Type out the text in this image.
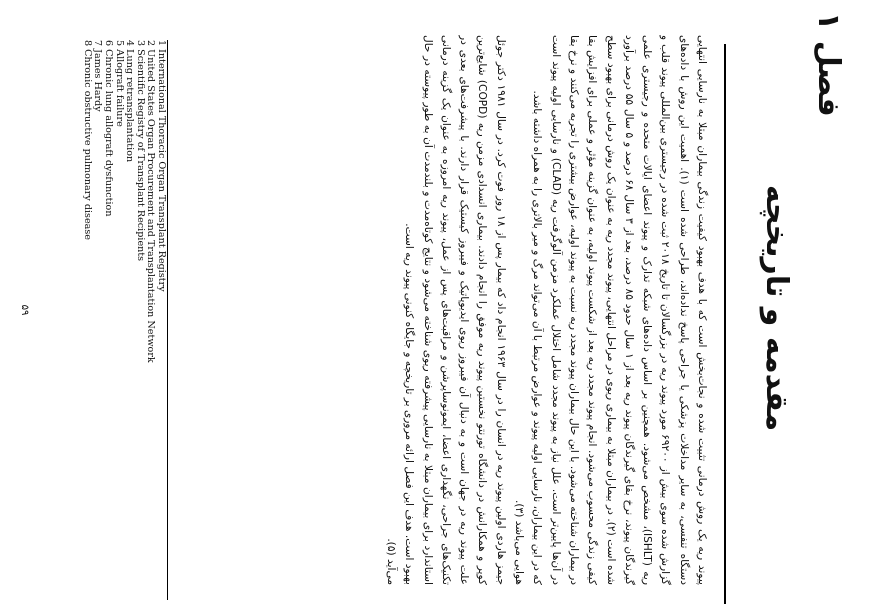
فصل ۱
مقدمه و تاریخچه

پیوند ریه یک روش درمانی تثبیت شده و نجات‌بخش است که با هدف بهبود کیفیت زندگی بیماران مبتلا به نارسایی انتهایی دستگاه تنفسی، به سایر مداخلات پزشکی یا جراحی پاسخ نداده‌اند، طراحی شده است (۱). اهمیت این روش با داده‌های گزارش شده سوی بیش از ۶۹۲۰۰ مورد پیوند ریه در بزرگسالان تا تاریخ ۲۰۱۸ ثبت شده در رجیستری بین‌المللی پیوند قلب و ریه (ISHLT)، مشخص می‌شود. همچنین بر اساس داده‌های شبکه تدارک و پیوند اعضای ایالات متحده و رجیستری علمی گیرندگان پیوند، نرخ بقای گیرندگان پیوند ریه بعد از ۱ سال حدود ۸۵ درصد، بعد از ۳ سال ۶۸ درصد و ۵ سال ۵۵ درصد برآورد شده است (۲). در بیماران مبتلا به بیماری ریوی در مراحل انتهایی، پیوند مجدد ریه به عنوان یک روش درمانی برای بهبود سطح کیفی زندگی محسوب می‌شود. انجام پیوند مجدد ریه بعد از شکست پیوند اولیه، به عنوان گزینه مؤثر و عملی برای افزایش بقا در بیماران شناخته می‌شود. با این حال بیماران پیوند مجدد ریه نسبت به پیوند اولیه، عوارض بیشتری را تجربه می‌کنند و نرخ بقا در آن‌ها پایین‌تر است. علل نیاز به پیوند مجدد شامل اختلال عملکرد مزمن آلوگرفت ریه (CLAD) و نارسایی اولیه پیوند است که در این بیماران، نارسایی اولیه پیوند و عوارض مرتبط با آن می‌تواند مرگ و میر بالاتری را به همراه داشته باشد.

هوایی می‌باشد (۳).

جیمز هاردی اولین پیوند ریه در انسان را در سال ۱۹۶۳ انجام داد که بیمار پس از ۱۸ روز فوت کرد. در سال ۱۹۸۱ دکتر جوئل کوپر و همکارانش در دانشگاه تورنتو نخستین پیوند ریه موفق را انجام دادند. بیماری انسدادی مزمن ریه (COPD) شایع‌ترین علت پیوند ریه در جهان است و به دنبال آن فیبروز ریوی ایدیوپاتیک و فیبروز کیستیک قرار دارند. با پیشرفت‌های بعدی در تکنیک‌های جراحی، نگهداری اعضا، ایمونوساپرشن و مراقبت‌های پس از عمل، پیوند ریه امروزه به عنوان یک گزینه درمانی استاندارد برای بیماران مبتلا به نارسایی پیشرفته ریوی شناخته می‌شود و نتایج کوتاه‌مدت و بلندمدت آن به طور پیوسته در حال بهبود است. هدف این فصل ارائه مروری بر تاریخچه و جایگاه کنونی پیوند ریه است.

می‌آید (۵).

1 International Thoracic Organ Transplant Registry
2 United States Organ Procurement and Transplantation Network
3 Scientific Registry of Transplant Recipients
4 Lung retransplantation
5 Allograft failure
6 Chronic lung allograft dysfunction
7 James Hardy
8 Chronic obstructive pulmonary disease
۵۹
